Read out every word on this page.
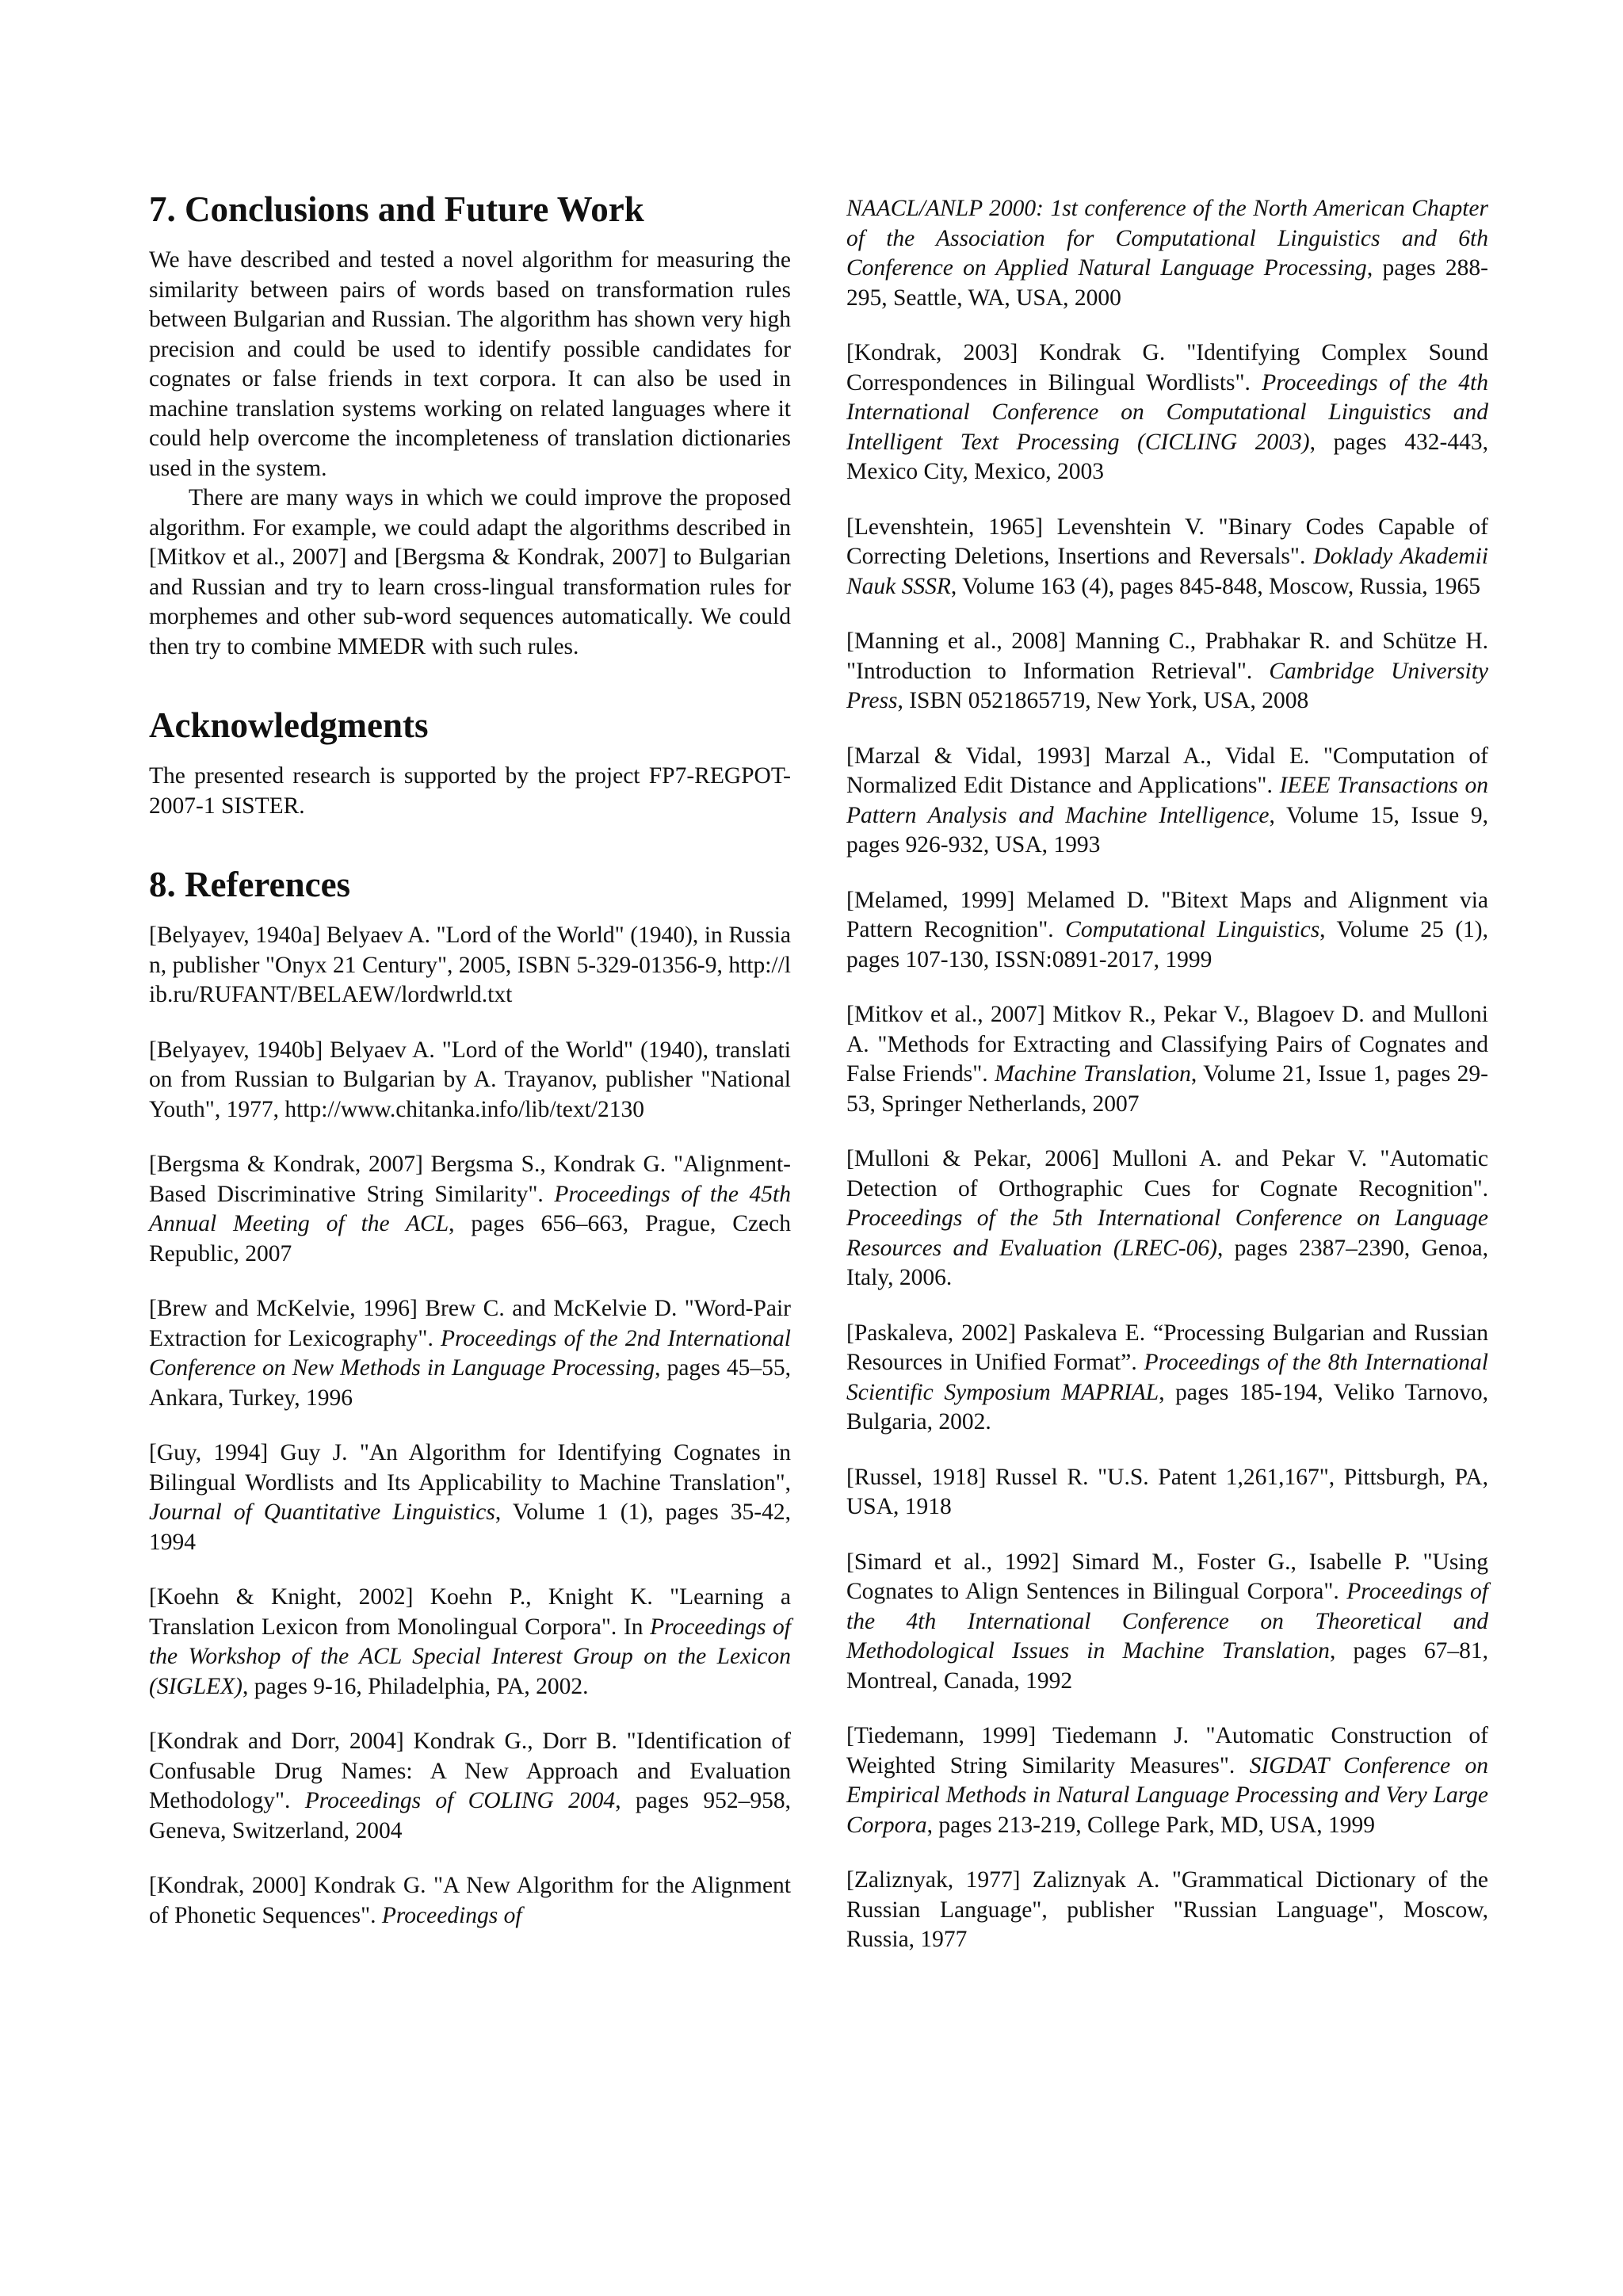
7. Conclusions and Future Work

We have described and tested a novel algorithm for measuring the similarity between pairs of words based on transformation rules between Bulgarian and Russian. The algorithm has shown very high precision and could be used to identify possible candidates for cognates or false friends in text corpora. It can also be used in machine translation systems working on related languages where it could help overcome the incompleteness of translation dictionaries used in the system.

There are many ways in which we could improve the proposed algorithm. For example, we could adapt the algorithms described in [Mitkov et al., 2007] and [Bergsma & Kondrak, 2007] to Bulgarian and Russian and try to learn cross-lingual transformation rules for morphemes and other sub-word sequences automatically. We could then try to combine MMEDR with such rules.

Acknowledgments

The presented research is supported by the project FP7-REGPOT-2007-1 SISTER.

8. References

[Belyayev, 1940a] Belyaev A. "Lord of the World" (1940), in Russian, publisher "Onyx 21 Century", 2005, ISBN 5-329-01356-9, http://lib.ru/RUFANT/BELAEW/lordwrld.txt

[Belyayev, 1940b] Belyaev A. "Lord of the World" (1940), translation from Russian to Bulgarian by A. Trayanov, publisher "National Youth", 1977, http://www.chitanka.info/lib/text/2130

[Bergsma & Kondrak, 2007] Bergsma S., Kondrak G. "Alignment-Based Discriminative String Similarity". Proceedings of the 45th Annual Meeting of the ACL, pages 656–663, Prague, Czech Republic, 2007

[Brew and McKelvie, 1996] Brew C. and McKelvie D. "Word-Pair Extraction for Lexicography". Proceedings of the 2nd International Conference on New Methods in Language Processing, pages 45–55, Ankara, Turkey, 1996

[Guy, 1994] Guy J. "An Algorithm for Identifying Cognates in Bilingual Wordlists and Its Applicability to Machine Translation", Journal of Quantitative Linguistics, Volume 1 (1), pages 35-42, 1994

[Koehn & Knight, 2002] Koehn P., Knight K. "Learning a Translation Lexicon from Monolingual Corpora". In Proceedings of the Workshop of the ACL Special Interest Group on the Lexicon (SIGLEX), pages 9-16, Philadelphia, PA, 2002.

[Kondrak and Dorr, 2004] Kondrak G., Dorr B. "Identification of Confusable Drug Names: A New Approach and Evaluation Methodology". Proceedings of COLING 2004, pages 952–958, Geneva, Switzerland, 2004

[Kondrak, 2000] Kondrak G. "A New Algorithm for the Alignment of Phonetic Sequences". Proceedings of

NAACL/ANLP 2000: 1st conference of the North American Chapter of the Association for Computational Linguistics and 6th Conference on Applied Natural Language Processing, pages 288-295, Seattle, WA, USA, 2000

[Kondrak, 2003] Kondrak G. "Identifying Complex Sound Correspondences in Bilingual Wordlists". Proceedings of the 4th International Conference on Computational Linguistics and Intelligent Text Processing (CICLING 2003), pages 432-443, Mexico City, Mexico, 2003

[Levenshtein, 1965] Levenshtein V. "Binary Codes Capable of Correcting Deletions, Insertions and Reversals". Doklady Akademii Nauk SSSR, Volume 163 (4), pages 845-848, Moscow, Russia, 1965

[Manning et al., 2008] Manning C., Prabhakar R. and Schütze H. "Introduction to Information Retrieval". Cambridge University Press, ISBN 0521865719, New York, USA, 2008

[Marzal & Vidal, 1993] Marzal A., Vidal E. "Computation of Normalized Edit Distance and Applications". IEEE Transactions on Pattern Analysis and Machine Intelligence, Volume 15, Issue 9, pages 926-932, USA, 1993

[Melamed, 1999] Melamed D. "Bitext Maps and Alignment via Pattern Recognition". Computational Linguistics, Volume 25 (1), pages 107-130, ISSN:0891-2017, 1999

[Mitkov et al., 2007] Mitkov R., Pekar V., Blagoev D. and Mulloni A. "Methods for Extracting and Classifying Pairs of Cognates and False Friends". Machine Translation, Volume 21, Issue 1, pages 29-53, Springer Netherlands, 2007

[Mulloni & Pekar, 2006] Mulloni A. and Pekar V. "Automatic Detection of Orthographic Cues for Cognate Recognition". Proceedings of the 5th International Conference on Language Resources and Evaluation (LREC-06), pages 2387–2390, Genoa, Italy, 2006.

[Paskaleva, 2002] Paskaleva E. “Processing Bulgarian and Russian Resources in Unified Format”. Proceedings of the 8th International Scientific Symposium MAPRIAL, pages 185-194, Veliko Tarnovo, Bulgaria, 2002.

[Russel, 1918] Russel R. "U.S. Patent 1,261,167", Pittsburgh, PA, USA, 1918

[Simard et al., 1992] Simard M., Foster G., Isabelle P. "Using Cognates to Align Sentences in Bilingual Corpora". Proceedings of the 4th International Conference on Theoretical and Methodological Issues in Machine Translation, pages 67–81, Montreal, Canada, 1992

[Tiedemann, 1999] Tiedemann J. "Automatic Construction of Weighted String Similarity Measures". SIGDAT Conference on Empirical Methods in Natural Language Processing and Very Large Corpora, pages 213-219, College Park, MD, USA, 1999

[Zaliznyak, 1977] Zaliznyak A. "Grammatical Dictionary of the Russian Language", publisher "Russian Language", Moscow, Russia, 1977
